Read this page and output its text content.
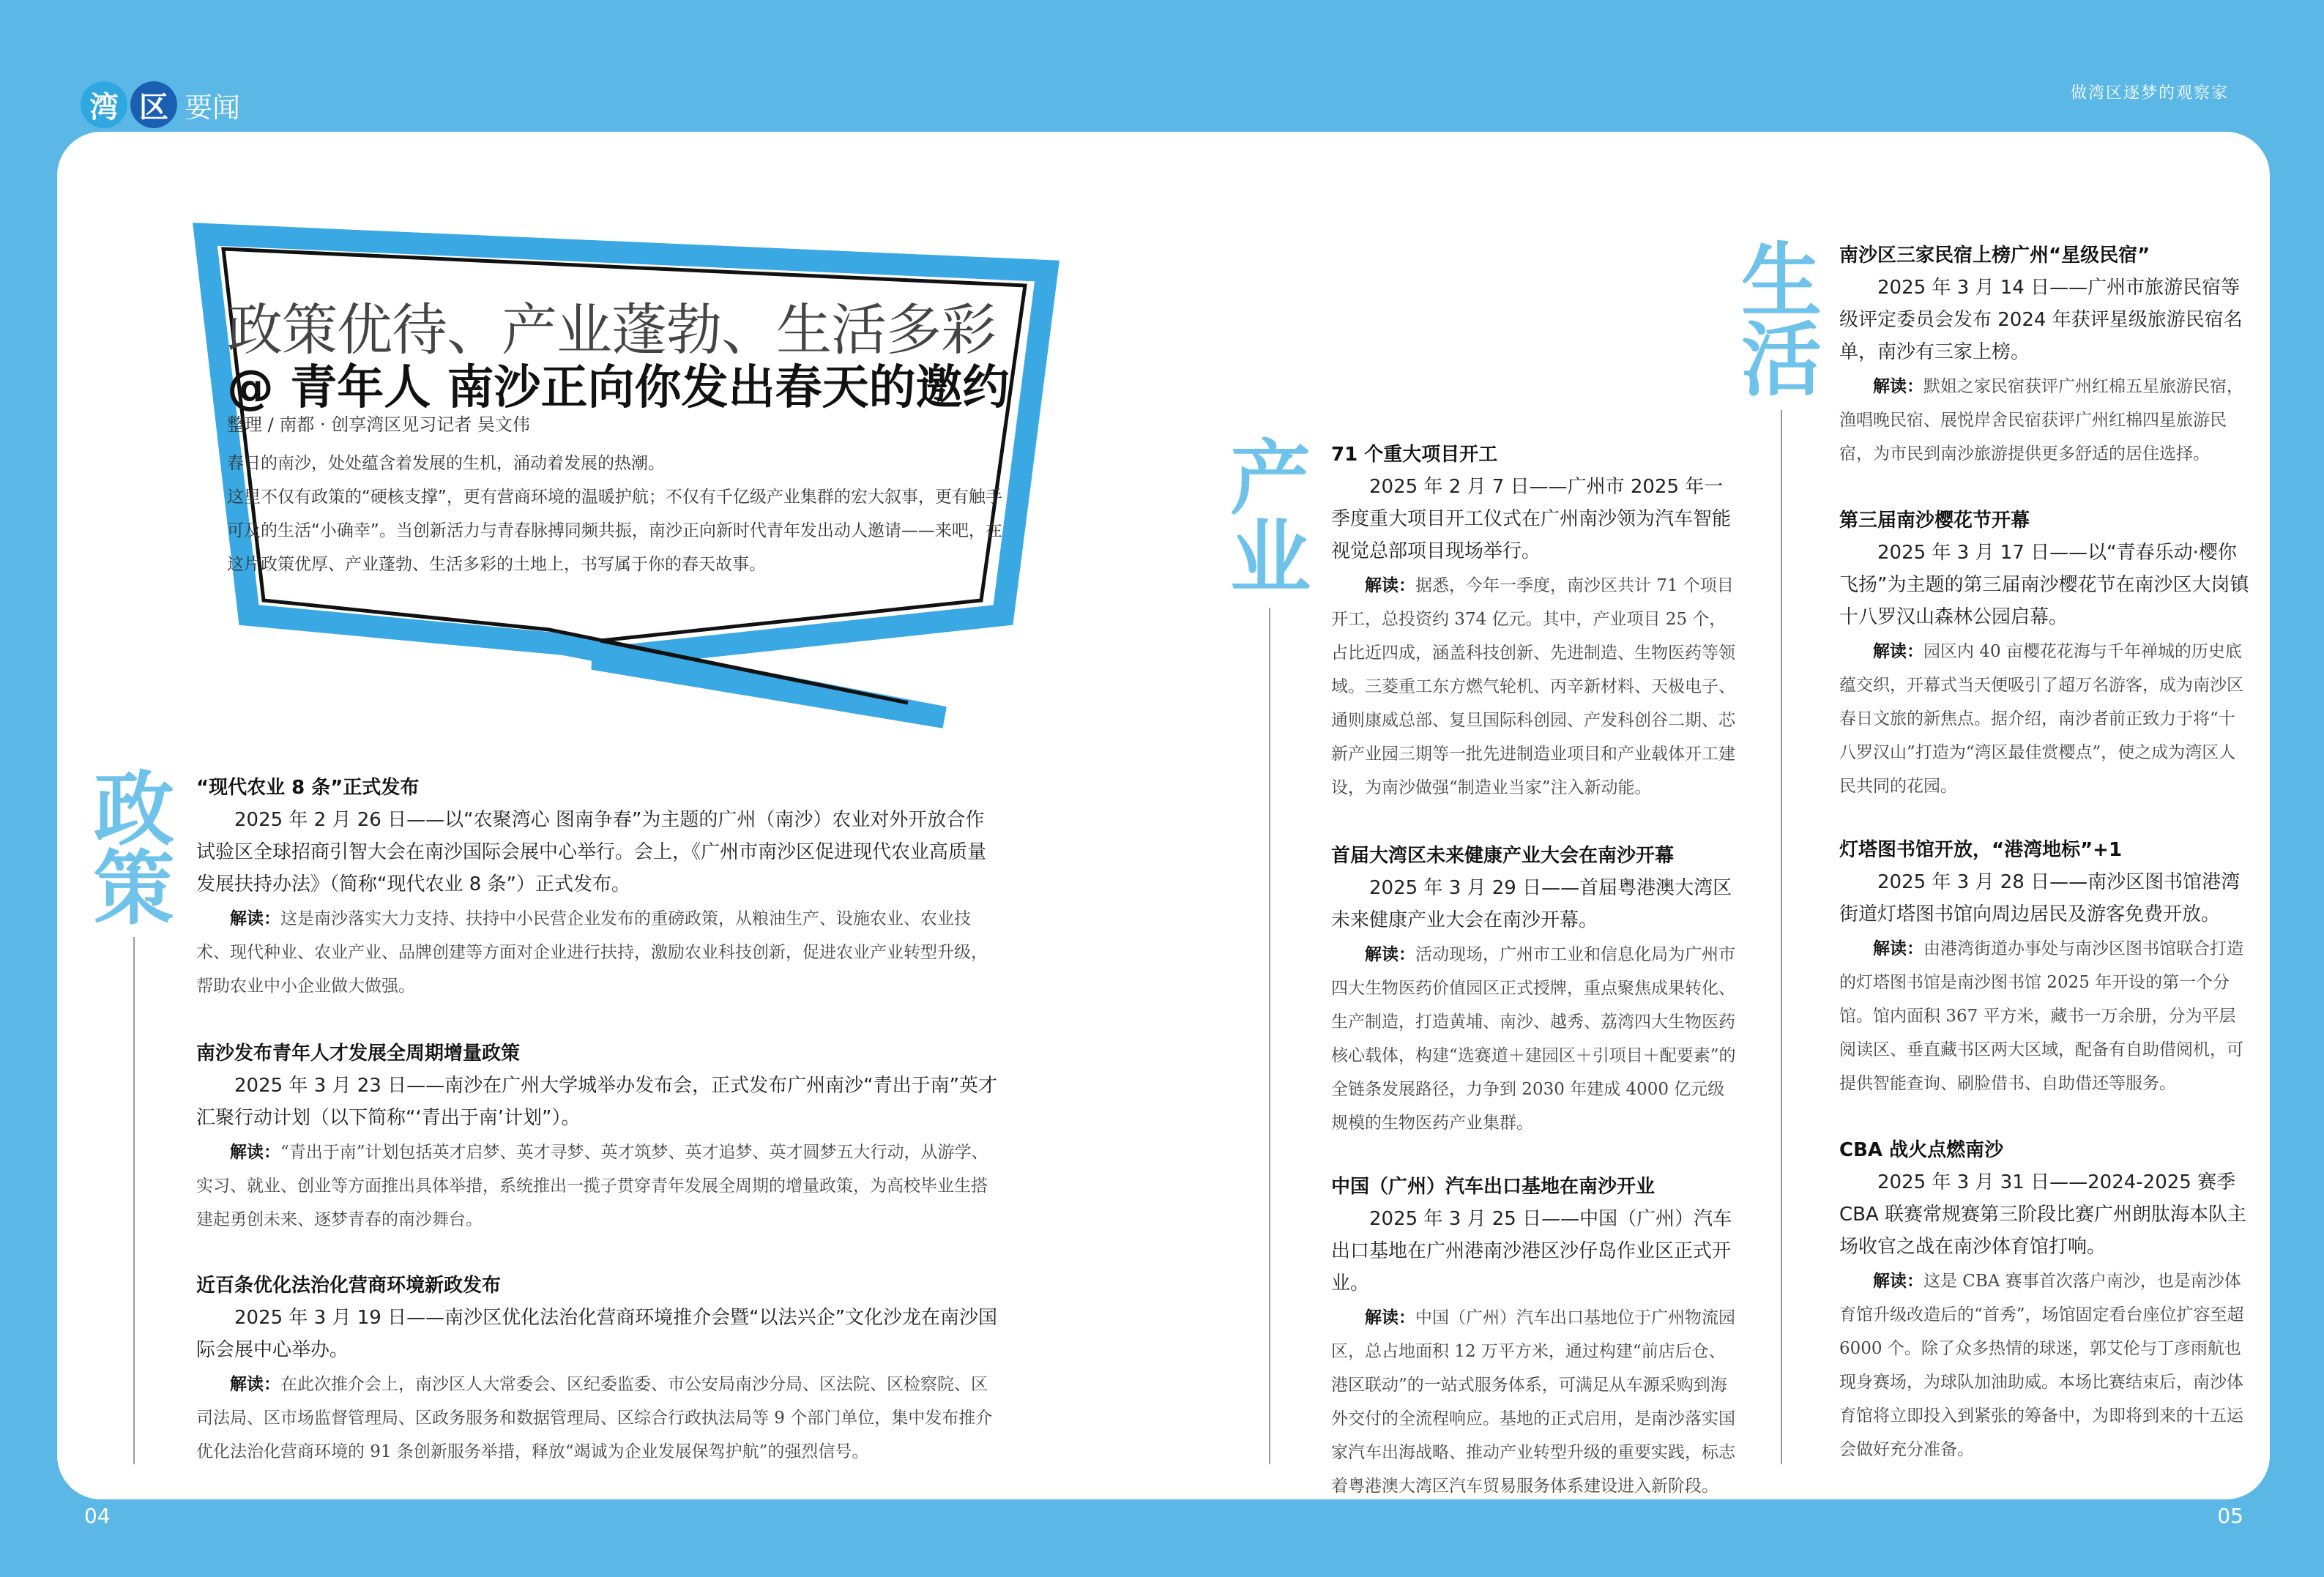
湾 区 要闻	做湾区逐梦的观察家
政策优待、产业蓬勃、生活多彩
@ 青年人 南沙正向你发出春天的邀约
整理 / 南都 · 创享湾区见习记者 吴文伟

春日的南沙，处处蕴含着发展的生机，涌动着发展的热潮。

这里不仅有政策的“硬核支撑”，更有营商环境的温暖护航；不仅有千亿级产业集群的宏大叙事，更有触手可及的生活“小确幸”。当创新活力与青春脉搏同频共振，南沙正向新时代青年发出动人邀请——来吧，在这片政策优厚、产业蓬勃、生活多彩的土地上，书写属于你的春天故事。

政策
“现代农业 8 条”正式发布

2025 年 2 月 26 日——以“农聚湾心 图南争春”为主题的广州（南沙）农业对外开放合作试验区全球招商引智大会在南沙国际会展中心举行。会上，《广州市南沙区促进现代农业高质量发展扶持办法》（简称“现代农业 8 条”）正式发布。

解读：这是南沙落实大力支持、扶持中小民营企业发布的重磅政策，从粮油生产、设施农业、农业技术、现代种业、农业产业、品牌创建等方面对企业进行扶持，激励农业科技创新，促进农业产业转型升级，帮助农业中小企业做大做强。

南沙发布青年人才发展全周期增量政策

2025 年 3 月 23 日——南沙在广州大学城举办发布会，正式发布广州南沙“青出于南”英才汇聚行动计划（以下简称“‘青出于南’计划”）。

解读：“青出于南”计划包括英才启梦、英才寻梦、英才筑梦、英才追梦、英才圆梦五大行动，从游学、实习、就业、创业等方面推出具体举措，系统推出一揽子贯穿青年发展全周期的增量政策，为高校毕业生搭建起勇创未来、逐梦青春的南沙舞台。

近百条优化法治化营商环境新政发布

2025 年 3 月 19 日——南沙区优化法治化营商环境推介会暨“以法兴企”文化沙龙在南沙国际会展中心举办。

解读：在此次推介会上，南沙区人大常委会、区纪委监委、市公安局南沙分局、区法院、区检察院、区司法局、区市场监督管理局、区政务服务和数据管理局、区综合行政执法局等 9 个部门单位，集中发布推介优化法治化营商环境的 91 条创新服务举措，释放“竭诚为企业发展保驾护航”的强烈信号。

产业
71 个重大项目开工

2025 年 2 月 7 日——广州市 2025 年一季度重大项目开工仪式在广州南沙领为汽车智能视觉总部项目现场举行。

解读：据悉，今年一季度，南沙区共计 71 个项目开工，总投资约 374 亿元。其中，产业项目 25 个，占比近四成，涵盖科技创新、先进制造、生物医药等领域。三菱重工东方燃气轮机、丙辛新材料、天极电子、通则康威总部、复旦国际科创园、产发科创谷二期、芯新产业园三期等一批先进制造业项目和产业载体开工建设，为南沙做强“制造业当家”注入新动能。

首届大湾区未来健康产业大会在南沙开幕

2025 年 3 月 29 日——首届粤港澳大湾区未来健康产业大会在南沙开幕。

解读：活动现场，广州市工业和信息化局为广州市四大生物医药价值园区正式授牌，重点聚焦成果转化、生产制造，打造黄埔、南沙、越秀、荔湾四大生物医药核心载体，构建“选赛道＋建园区＋引项目＋配要素”的全链条发展路径，力争到 2030 年建成 4000 亿元级规模的生物医药产业集群。

中国（广州）汽车出口基地在南沙开业

2025 年 3 月 25 日——中国（广州）汽车出口基地在广州港南沙港区沙仔岛作业区正式开业。

解读：中国（广州）汽车出口基地位于广州物流园区，总占地面积 12 万平方米，通过构建“前店后仓、港区联动”的一站式服务体系，可满足从车源采购到海外交付的全流程响应。基地的正式启用，是南沙落实国家汽车出海战略、推动产业转型升级的重要实践，标志着粤港澳大湾区汽车贸易服务体系建设进入新阶段。

生活
南沙区三家民宿上榜广州“星级民宿”

2025 年 3 月 14 日——广州市旅游民宿等级评定委员会发布 2024 年获评星级旅游民宿名单，南沙有三家上榜。

解读：默姐之家民宿获评广州红棉五星旅游民宿，渔唱晚民宿、展悦岸舍民宿获评广州红棉四星旅游民宿，为市民到南沙旅游提供更多舒适的居住选择。

第三届南沙樱花节开幕

2025 年 3 月 17 日——以“青春乐动·樱你飞扬”为主题的第三届南沙樱花节在南沙区大岗镇十八罗汉山森林公园启幕。

解读：园区内 40 亩樱花花海与千年禅城的历史底蕴交织，开幕式当天便吸引了超万名游客，成为南沙区春日文旅的新焦点。据介绍，南沙者前正致力于将“十八罗汉山”打造为“湾区最佳赏樱点”，使之成为湾区人民共同的花园。

灯塔图书馆开放，“港湾地标”+1

2025 年 3 月 28 日——南沙区图书馆港湾街道灯塔图书馆向周边居民及游客免费开放。

解读：由港湾街道办事处与南沙区图书馆联合打造的灯塔图书馆是南沙图书馆 2025 年开设的第一个分馆。馆内面积 367 平方米，藏书一万余册，分为平层阅读区、垂直藏书区两大区域，配备有自助借阅机，可提供智能查询、刷脸借书、自助借还等服务。

CBA 战火点燃南沙

2025 年 3 月 31 日——2024-2025 赛季 CBA 联赛常规赛第三阶段比赛广州朗肽海本队主场收官之战在南沙体育馆打响。

解读：这是 CBA 赛事首次落户南沙，也是南沙体育馆升级改造后的“首秀”，场馆固定看台座位扩容至超 6000 个。除了众多热情的球迷，郭艾伦与丁彦雨航也现身赛场，为球队加油助威。本场比赛结束后，南沙体育馆将立即投入到紧张的筹备中，为即将到来的十五运会做好充分准备。

04	05
